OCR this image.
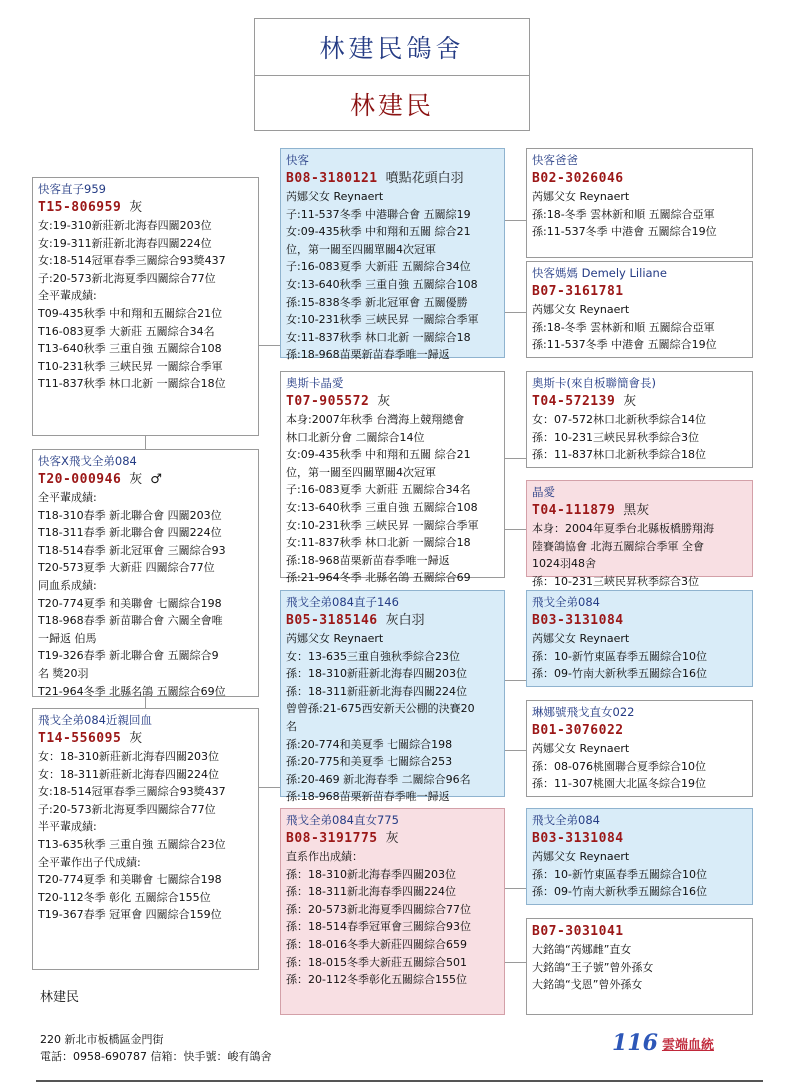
林建民鴿舍
林建民
快客直子959
T15-806959 灰
女:19-310新莊新北海春四關203位
女:19-311新莊新北海春四關224位
女:18-514冠軍春季三關綜合93獎437
子:20-573新北海夏季四關綜合77位
全平輩成績:
T09-435秋季 中和翔和五關綜合21位
T16-083夏季 大新莊 五關綜合34名
T13-640秋季 三重自強 五關綜合108
T10-231秋季 三峽民昇 一關綜合季軍
T11-837秋季 林口北新 一關綜合18位
快客X飛戈全弟084
T20-000946 灰 ♂
全平輩成績:
T18-310春季 新北聯合會 四關203位
T18-311春季 新北聯合會 四關224位
T18-514春季 新北冠軍會 三關綜合93
T20-573夏季 大新莊 四關綜合77位
同血系成績:
T20-774夏季 和美聯會 七關綜合198
T18-968春季 新苗聯合會 六關全會唯
一歸返 伯馬
T19-326春季 新北聯合會 五關綜合9
名 獎20羽
T21-964冬季 北縣名鴿 五關綜合69位
飛戈全弟084近親回血
T14-556095 灰
女：18-310新莊新北海春四關203位
女：18-311新莊新北海春四關224位
女:18-514冠軍春季三關綜合93獎437
子:20-573新北海夏季四關綜合77位
半平輩成績:
T13-635秋季 三重自強 五關綜合23位
全平輩作出子代成績:
T20-774夏季 和美聯會 七關綜合198
T20-112冬季 彰化 五關綜合155位
T19-367春季 冠軍會 四關綜合159位
快客
B08-3180121 噴點花頭白羽
芮娜父女 Reynaert
子:11-537冬季 中港聯合會 五關綜19
女:09-435秋季 中和翔和五關 綜合21
位，第一關至四關單關4次冠軍
子:16-083夏季 大新莊 五關綜合34位
女:13-640秋季 三重自強 五關綜合108
孫:15-838冬季 新北冠軍會 五關優勝
女:10-231秋季 三峽民昇 一關綜合季軍
女:11-837秋季 林口北新 一關綜合18
孫:18-968苗栗新苗春季唯一歸返
奧斯卡晶愛
T07-905572 灰
本身:2007年秋季 台灣海上競翔總會
林口北新分會 二關綜合14位
女:09-435秋季 中和翔和五關 綜合21
位，第一關至四關單關4次冠軍
子:16-083夏季 大新莊 五關綜合34名
女:13-640秋季 三重自強 五關綜合108
女:10-231秋季 三峽民昇 一關綜合季軍
女:11-837秋季 林口北新 一關綜合18
孫:18-968苗栗新苗春季唯一歸返
孫:21-964冬季 北縣名鴿 五關綜合69
飛戈全弟084直子146
B05-3185146 灰白羽
芮娜父女 Reynaert
女：13-635三重自強秋季綜合23位
孫：18-310新莊新北海春四關203位
孫：18-311新莊新北海春四關224位
曾曾孫:21-675西安新天公棚的決賽20
名
孫:20-774和美夏季 七關綜合198
孫:20-775和美夏季 七關綜合253
孫:20-469 新北海春季 二關綜合96名
孫:18-968苗栗新苗春季唯一歸返
飛戈全弟084直女775
B08-3191775 灰
直系作出成績：
孫：18-310新北海春季四關203位
孫：18-311新北海春季四關224位
孫：20-573新北海夏季四關綜合77位
孫：18-514春季冠軍會三關綜合93位
孫：18-016冬季大新莊四關綜合659
孫：18-015冬季大新莊五關綜合501
孫：20-112冬季彰化五關綜合155位
快客爸爸
B02-3026046
芮娜父女 Reynaert
孫:18-冬季 雲林新和順 五關綜合亞軍
孫:11-537冬季 中港會 五關綜合19位
快客媽媽 Demely Liliane
B07-3161781
芮娜父女 Reynaert
孫:18-冬季 雲林新和順 五關綜合亞軍
孫:11-537冬季 中港會 五關綜合19位
奧斯卡(來自板聯簡會長)
T04-572139 灰
女：07-572林口北新秋季綜合14位
孫：10-231三峽民昇秋季綜合3位
孫：11-837林口北新秋季綜合18位
晶愛
T04-111879 黑灰
本身：2004年夏季台北縣板橋勝翔海
陸賽鴿協會 北海五關綜合季軍 全會
1024羽48舍
孫：10-231三峽民昇秋季綜合3位
飛戈全弟084
B03-3131084
芮娜父女 Reynaert
孫：10-新竹東區春季五關綜合10位
孫：09-竹南大新秋季五關綜合16位
琳娜號飛戈直女022
B01-3076022
芮娜父女 Reynaert
孫：08-076桃園聯合夏季綜合10位
孫：11-307桃園大北區冬綜合19位
飛戈全弟084
B03-3131084
芮娜父女 Reynaert
孫：10-新竹東區春季五關綜合10位
孫：09-竹南大新秋季五關綜合16位
B07-3031041
大銘鴿“芮娜雌”直女
大銘鴿“王子號”曾外孫女
大銘鴿“戈恩”曾外孫女
林建民
220 新北市板橋區金門街
電話：0958-690787 信箱：快手號：峻有鴿舍
116 雲端血統
